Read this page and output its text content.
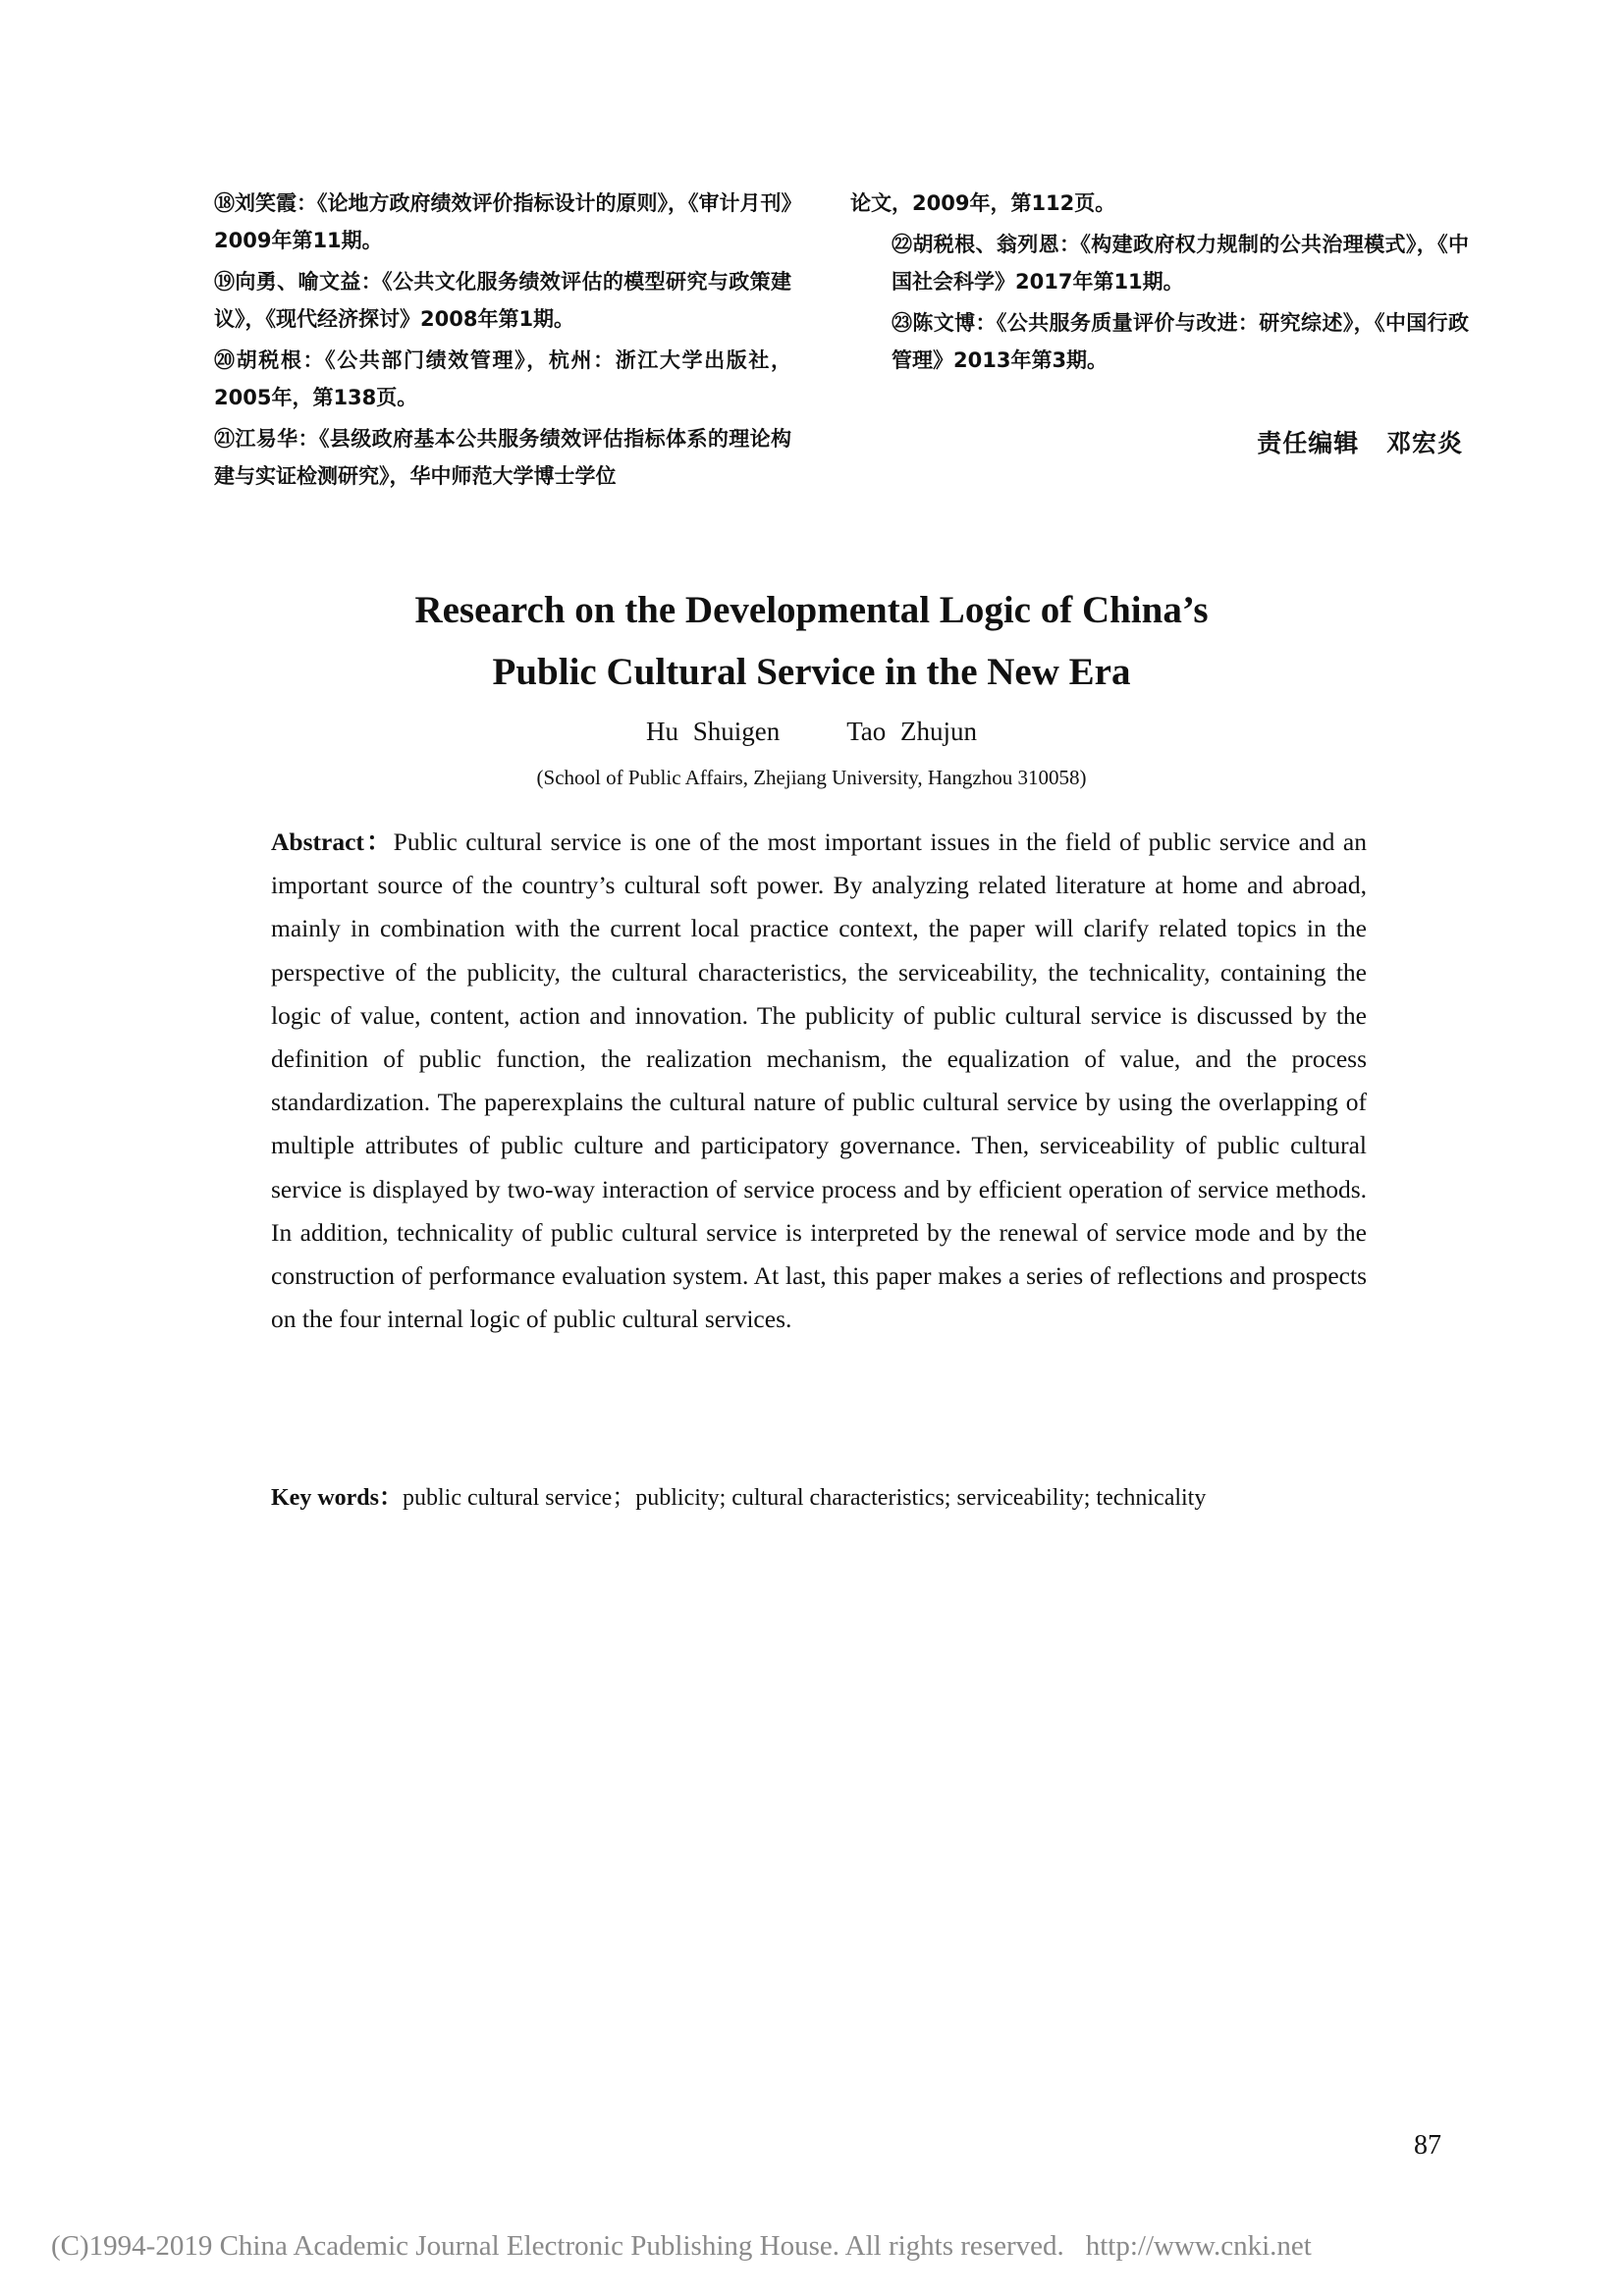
⑱刘笑霞：《论地方政府绩效评价指标设计的原则》，《审计月刊》2009年第11期。

⑲向勇、喻文益：《公共文化服务绩效评估的模型研究与政策建议》，《现代经济探讨》2008年第1期。

⑳胡税根：《公共部门绩效管理》，杭州：浙江大学出版社，2005年，第138页。

㉑江易华：《县级政府基本公共服务绩效评估指标体系的理论构建与实证检测研究》，华中师范大学博士学位

论文，2009年，第112页。

㉒胡税根、翁列恩：《构建政府权力规制的公共治理模式》，《中国社会科学》2017年第11期。

㉓陈文博：《公共服务质量评价与改进：研究综述》，《中国行政管理》2013年第3期。

责任编辑 邓宏炎
Research on the Developmental Logic of China’s
Public Cultural Service in the New Era
Hu Shuigen	Tao Zhujun
(School of Public Affairs, Zhejiang University, Hangzhou 310058)
Abstract：Public cultural service is one of the most important issues in the field of public service and an important source of the country’s cultural soft power. By analyzing related literature at home and abroad, mainly in combination with the current local practice context, the paper will clarify related topics in the perspective of the publicity, the cultural characteristics, the serviceability, the technicality, containing the logic of value, content, action and innovation. The publicity of public cultural service is discussed by the definition of public function, the realization mechanism, the equalization of value, and the process standardization. The paperexplains the cultural nature of public cultural service by using the overlapping of multiple attributes of public culture and participatory governance. Then, serviceability of public cultural service is displayed by two-way interaction of service process and by efficient operation of service methods. In addition, technicality of public cultural service is interpreted by the renewal of service mode and by the construction of performance evaluation system. At last, this paper makes a series of reflections and prospects on the four internal logic of public cultural services.
Key words：public cultural service；publicity; cultural characteristics; serviceability; technicality
87
(C)1994-2019 China Academic Journal Electronic Publishing House. All rights reserved. http://www.cnki.net
